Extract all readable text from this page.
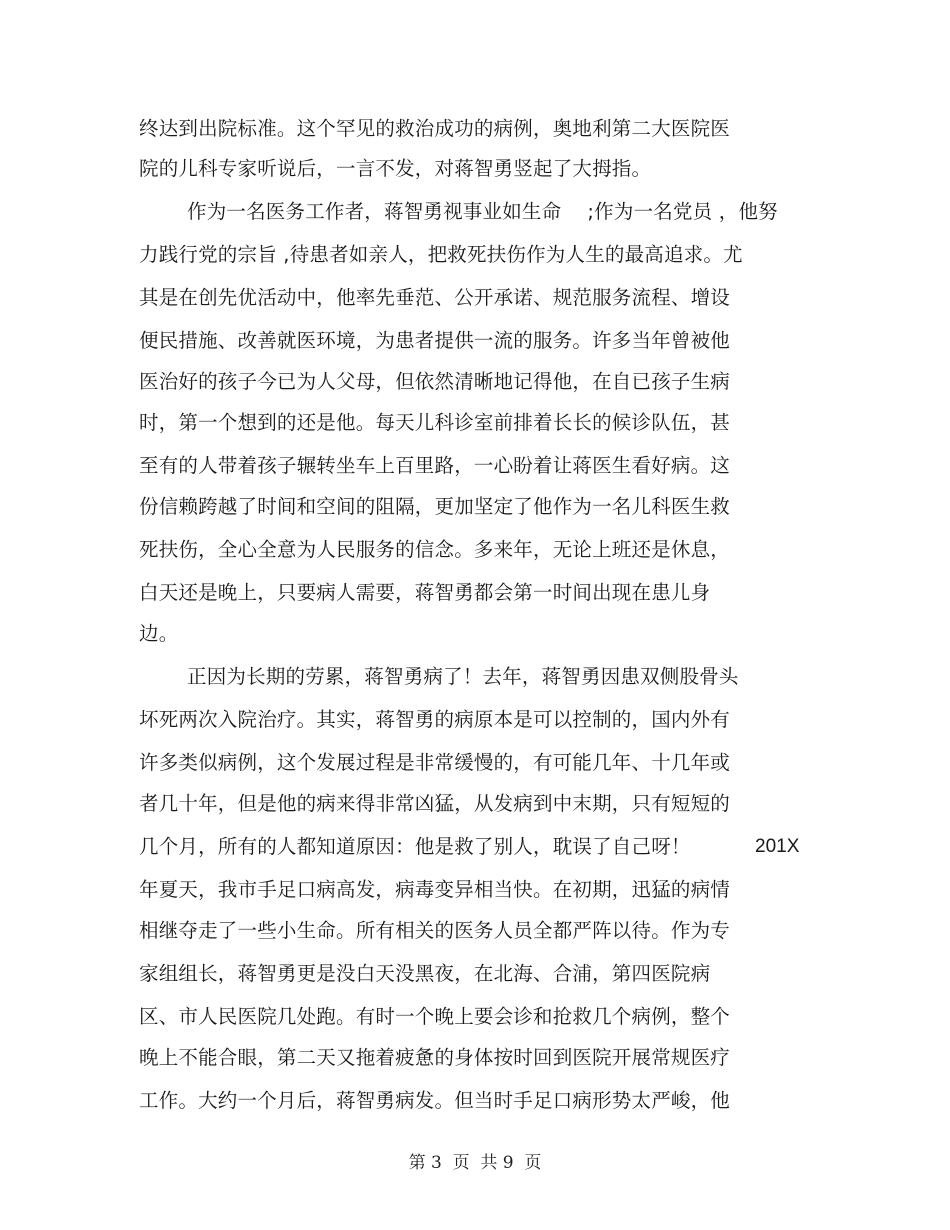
终达到出院标准。这个罕见的救治成功的病例，奥地利第二大医院医
院的儿科专家听说后，一言不发，对蒋智勇竖起了大拇指。
作为一名医务工作者，蒋智勇视事业如生命　 ;作为一名党员 ，他努
力践行党的宗旨 ,待患者如亲人，把救死扶伤作为人生的最高追求。尤
其是在创先优活动中，他率先垂范、公开承诺、规范服务流程、增设
便民措施、改善就医环境，为患者提供一流的服务。许多当年曾被他
医治好的孩子今已为人父母，但依然清晰地记得他，在自已孩子生病
时，第一个想到的还是他。每天儿科诊室前排着长长的候诊队伍，甚
至有的人带着孩子辗转坐车上百里路，一心盼着让蒋医生看好病。这
份信赖跨越了时间和空间的阻隔，更加坚定了他作为一名儿科医生救
死扶伤，全心全意为人民服务的信念。多来年，无论上班还是休息，
白天还是晚上，只要病人需要，蒋智勇都会第一时间出现在患儿身
边。
正因为长期的劳累，蒋智勇病了！去年，蒋智勇因患双侧股骨头
坏死两次入院治疗。其实，蒋智勇的病原本是可以控制的，国内外有
许多类似病例，这个发展过程是非常缓慢的，有可能几年、十几年或
者几十年，但是他的病来得非常凶猛，从发病到中末期，只有短短的
几个月，所有的人都知道原因：他是救了别人，耽误了自己呀！	201X
年夏天，我市手足口病高发，病毒变异相当快。在初期，迅猛的病情
相继夺走了一些小生命。所有相关的医务人员全都严阵以待。作为专
家组组长，蒋智勇更是没白天没黑夜，在北海、合浦，第四医院病
区、市人民医院几处跑。有时一个晚上要会诊和抢救几个病例，整个
晚上不能合眼，第二天又拖着疲惫的身体按时回到医院开展常规医疗
工作。大约一个月后，蒋智勇病发。但当时手足口病形势太严峻，他
第 3  页  共 9  页
